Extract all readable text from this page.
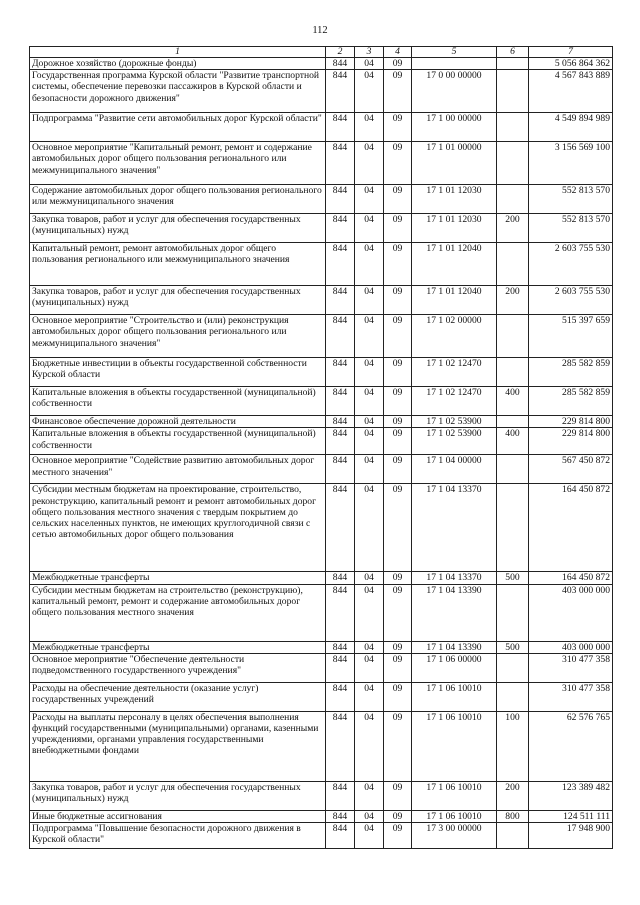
112
1	2	3	4	5	6	7
Дорожное хозяйство (дорожные фонды)	844	04	09			5 056 864 362
Государственная программа Курской области "Развитие транспортной системы, обеспечение перевозки пассажиров в Курской области и безопасности дорожного движения"	844	04	09	17 0 00 00000		4 567 843 889
Подпрограмма "Развитие сети автомобильных дорог Курской области"	844	04	09	17 1 00 00000		4 549 894 989
Основное мероприятие "Капитальный ремонт, ремонт и содержание автомобильных дорог общего пользования регионального или межмуниципального значения"	844	04	09	17 1 01 00000		3 156 569 100
Содержание автомобильных дорог общего пользования регионального или межмуниципального значения	844	04	09	17 1 01 12030		552 813 570
Закупка товаров, работ и услуг для обеспечения государственных (муниципальных) нужд	844	04	09	17 1 01 12030	200	552 813 570
Капитальный ремонт, ремонт автомобильных дорог общего пользования регионального или межмуниципального значения	844	04	09	17 1 01 12040		2 603 755 530
Закупка товаров, работ и услуг для обеспечения государственных (муниципальных) нужд	844	04	09	17 1 01 12040	200	2 603 755 530
Основное мероприятие "Строительство и (или) реконструкция автомобильных дорог общего пользования регионального или межмуниципального значения"	844	04	09	17 1 02 00000		515 397 659
Бюджетные инвестиции в объекты государственной собственности Курской области	844	04	09	17 1 02 12470		285 582 859
Капитальные вложения в объекты государственной (муниципальной) собственности	844	04	09	17 1 02 12470	400	285 582 859
Финансовое обеспечение дорожной деятельности	844	04	09	17 1 02 53900		229 814 800
Капитальные вложения в объекты государственной (муниципальной) собственности	844	04	09	17 1 02 53900	400	229 814 800
Основное мероприятие "Содействие развитию автомобильных дорог местного значения"	844	04	09	17 1 04 00000		567 450 872
Субсидии местным бюджетам на проектирование, строительство, реконструкцию, капитальный ремонт и ремонт автомобильных дорог общего пользования местного значения с твердым покрытием до сельских населенных пунктов, не имеющих круглогодичной связи с сетью автомобильных дорог общего пользования	844	04	09	17 1 04 13370		164 450 872
Межбюджетные трансферты	844	04	09	17 1 04 13370	500	164 450 872
Субсидии местным бюджетам на строительство (реконструкцию), капитальный ремонт, ремонт и содержание автомобильных дорог общего пользования местного значения	844	04	09	17 1 04 13390		403 000 000
Межбюджетные трансферты	844	04	09	17 1 04 13390	500	403 000 000
Основное мероприятие "Обеспечение деятельности подведомственного государственного учреждения"	844	04	09	17 1 06 00000		310 477 358
Расходы на обеспечение деятельности (оказание услуг) государственных учреждений	844	04	09	17 1 06 10010		310 477 358
Расходы на выплаты персоналу в целях обеспечения выполнения функций государственными (муниципальными) органами, казенными учреждениями, органами управления государственными внебюджетными фондами	844	04	09	17 1 06 10010	100	62 576 765
Закупка товаров, работ и услуг для обеспечения государственных (муниципальных) нужд	844	04	09	17 1 06 10010	200	123 389 482
Иные бюджетные ассигнования	844	04	09	17 1 06 10010	800	124 511 111
Подпрограмма "Повышение безопасности дорожного движения в Курской области"	844	04	09	17 3 00 00000		17 948 900
